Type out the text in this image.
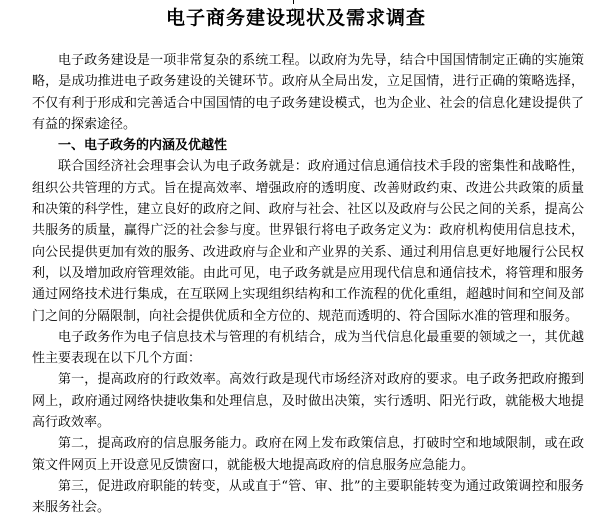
电子商务建设现状及需求调查

电子政务建设是一项非常复杂的系统工程。以政府为先导，结合中国国情制定正确的实施策略，是成功推进电子政务建设的关键环节。政府从全局出发，立足国情，进行正确的策略选择，不仅有利于形成和完善适合中国国情的电子政务建设模式，也为企业、社会的信息化建设提供了有益的探索途径。

一、电子政务的内涵及优越性

联合国经济社会理事会认为电子政务就是：政府通过信息通信技术手段的密集性和战略性，组织公共管理的方式。旨在提高效率、增强政府的透明度、改善财政约束、改进公共政策的质量和决策的科学性，建立良好的政府之间、政府与社会、社区以及政府与公民之间的关系，提高公共服务的质量，赢得广泛的社会参与度。世界银行将电子政务定义为：政府机构使用信息技术，向公民提供更加有效的服务、改进政府与企业和产业界的关系、通过利用信息更好地履行公民权利，以及增加政府管理效能。由此可见，电子政务就是应用现代信息和通信技术，将管理和服务通过网络技术进行集成，在互联网上实现组织结构和工作流程的优化重组，超越时间和空间及部门之间的分隔限制，向社会提供优质和全方位的、规范而透明的、符合国际水准的管理和服务。

电子政务作为电子信息技术与管理的有机结合，成为当代信息化最重要的领域之一，其优越性主要表现在以下几个方面：

第一，提高政府的行政效率。高效行政是现代市场经济对政府的要求。电子政务把政府搬到网上，政府通过网络快捷收集和处理信息，及时做出决策，实行透明、阳光行政，就能极大地提高行政效率。

第二，提高政府的信息服务能力。政府在网上发布政策信息，打破时空和地域限制，或在政策文件网页上开设意见反馈窗口，就能极大地提高政府的信息服务应急能力。

第三，促进政府职能的转变，从或直于“管、审、批”的主要职能转变为通过政策调控和服务来服务社会。
